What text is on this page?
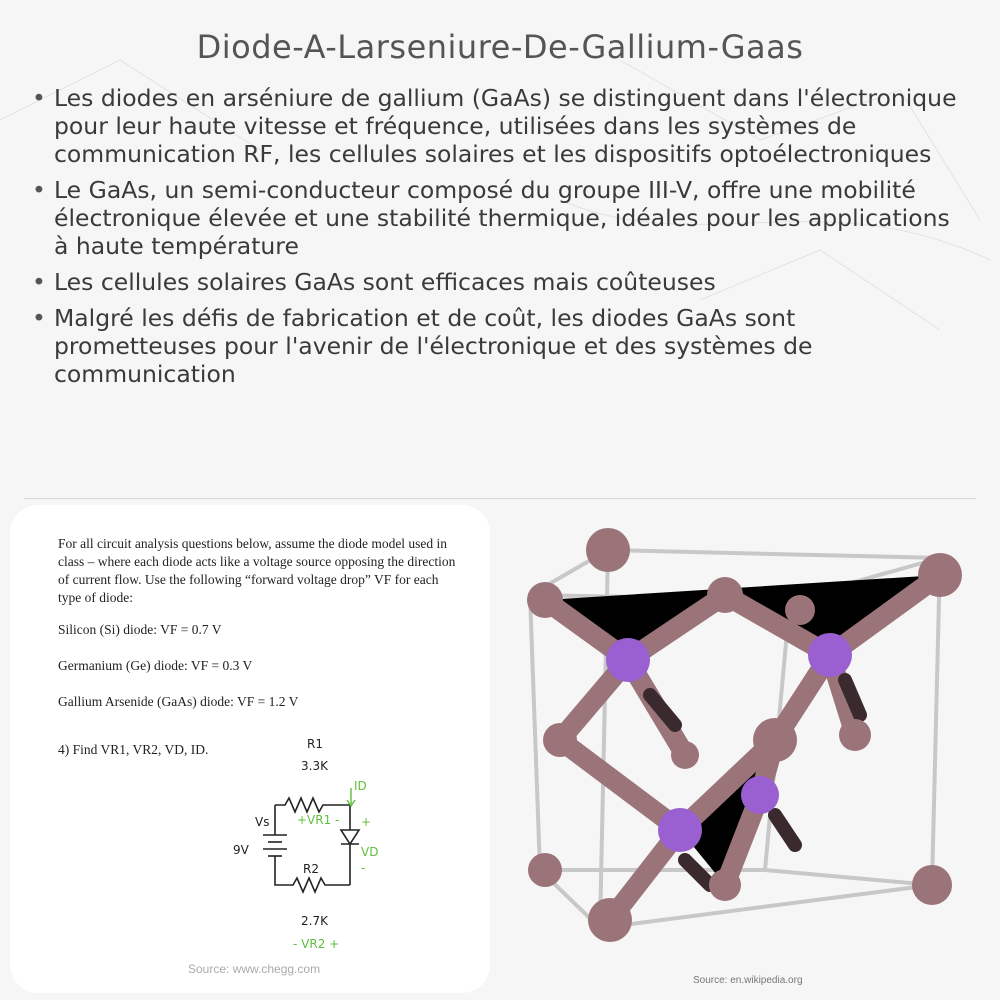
Diode-A-Larseniure-De-Gallium-Gaas
• Les diodes en arséniure de gallium (GaAs) se distinguent dans l'électronique pour leur haute vitesse et fréquence, utilisées dans les systèmes de communication RF, les cellules solaires et les dispositifs optoélectroniques
• Le GaAs, un semi-conducteur composé du groupe III-V, offre une mobilité électronique élevée et une stabilité thermique, idéales pour les applications à haute température
• Les cellules solaires GaAs sont efficaces mais coûteuses
• Malgré les défis de fabrication et de coût, les diodes GaAs sont prometteuses pour l'avenir de l'électronique et des systèmes de communication

For all circuit analysis questions below, assume the diode model used in class – where each diode acts like a voltage source opposing the direction of current flow. Use the following “forward voltage drop” VF for each type of diode:

Silicon (Si) diode: VF = 0.7 V

Germanium (Ge) diode: VF = 0.3 V

Gallium Arsenide (GaAs) diode: VF = 1.2 V

4) Find VR1, VR2, VD, ID.	R1
3.3K
Vs
9V
R2
2.7K
+VR1 -
ID
+
VD
-
- VR2 +
Source: www.chegg.com
Source: en.wikipedia.org
